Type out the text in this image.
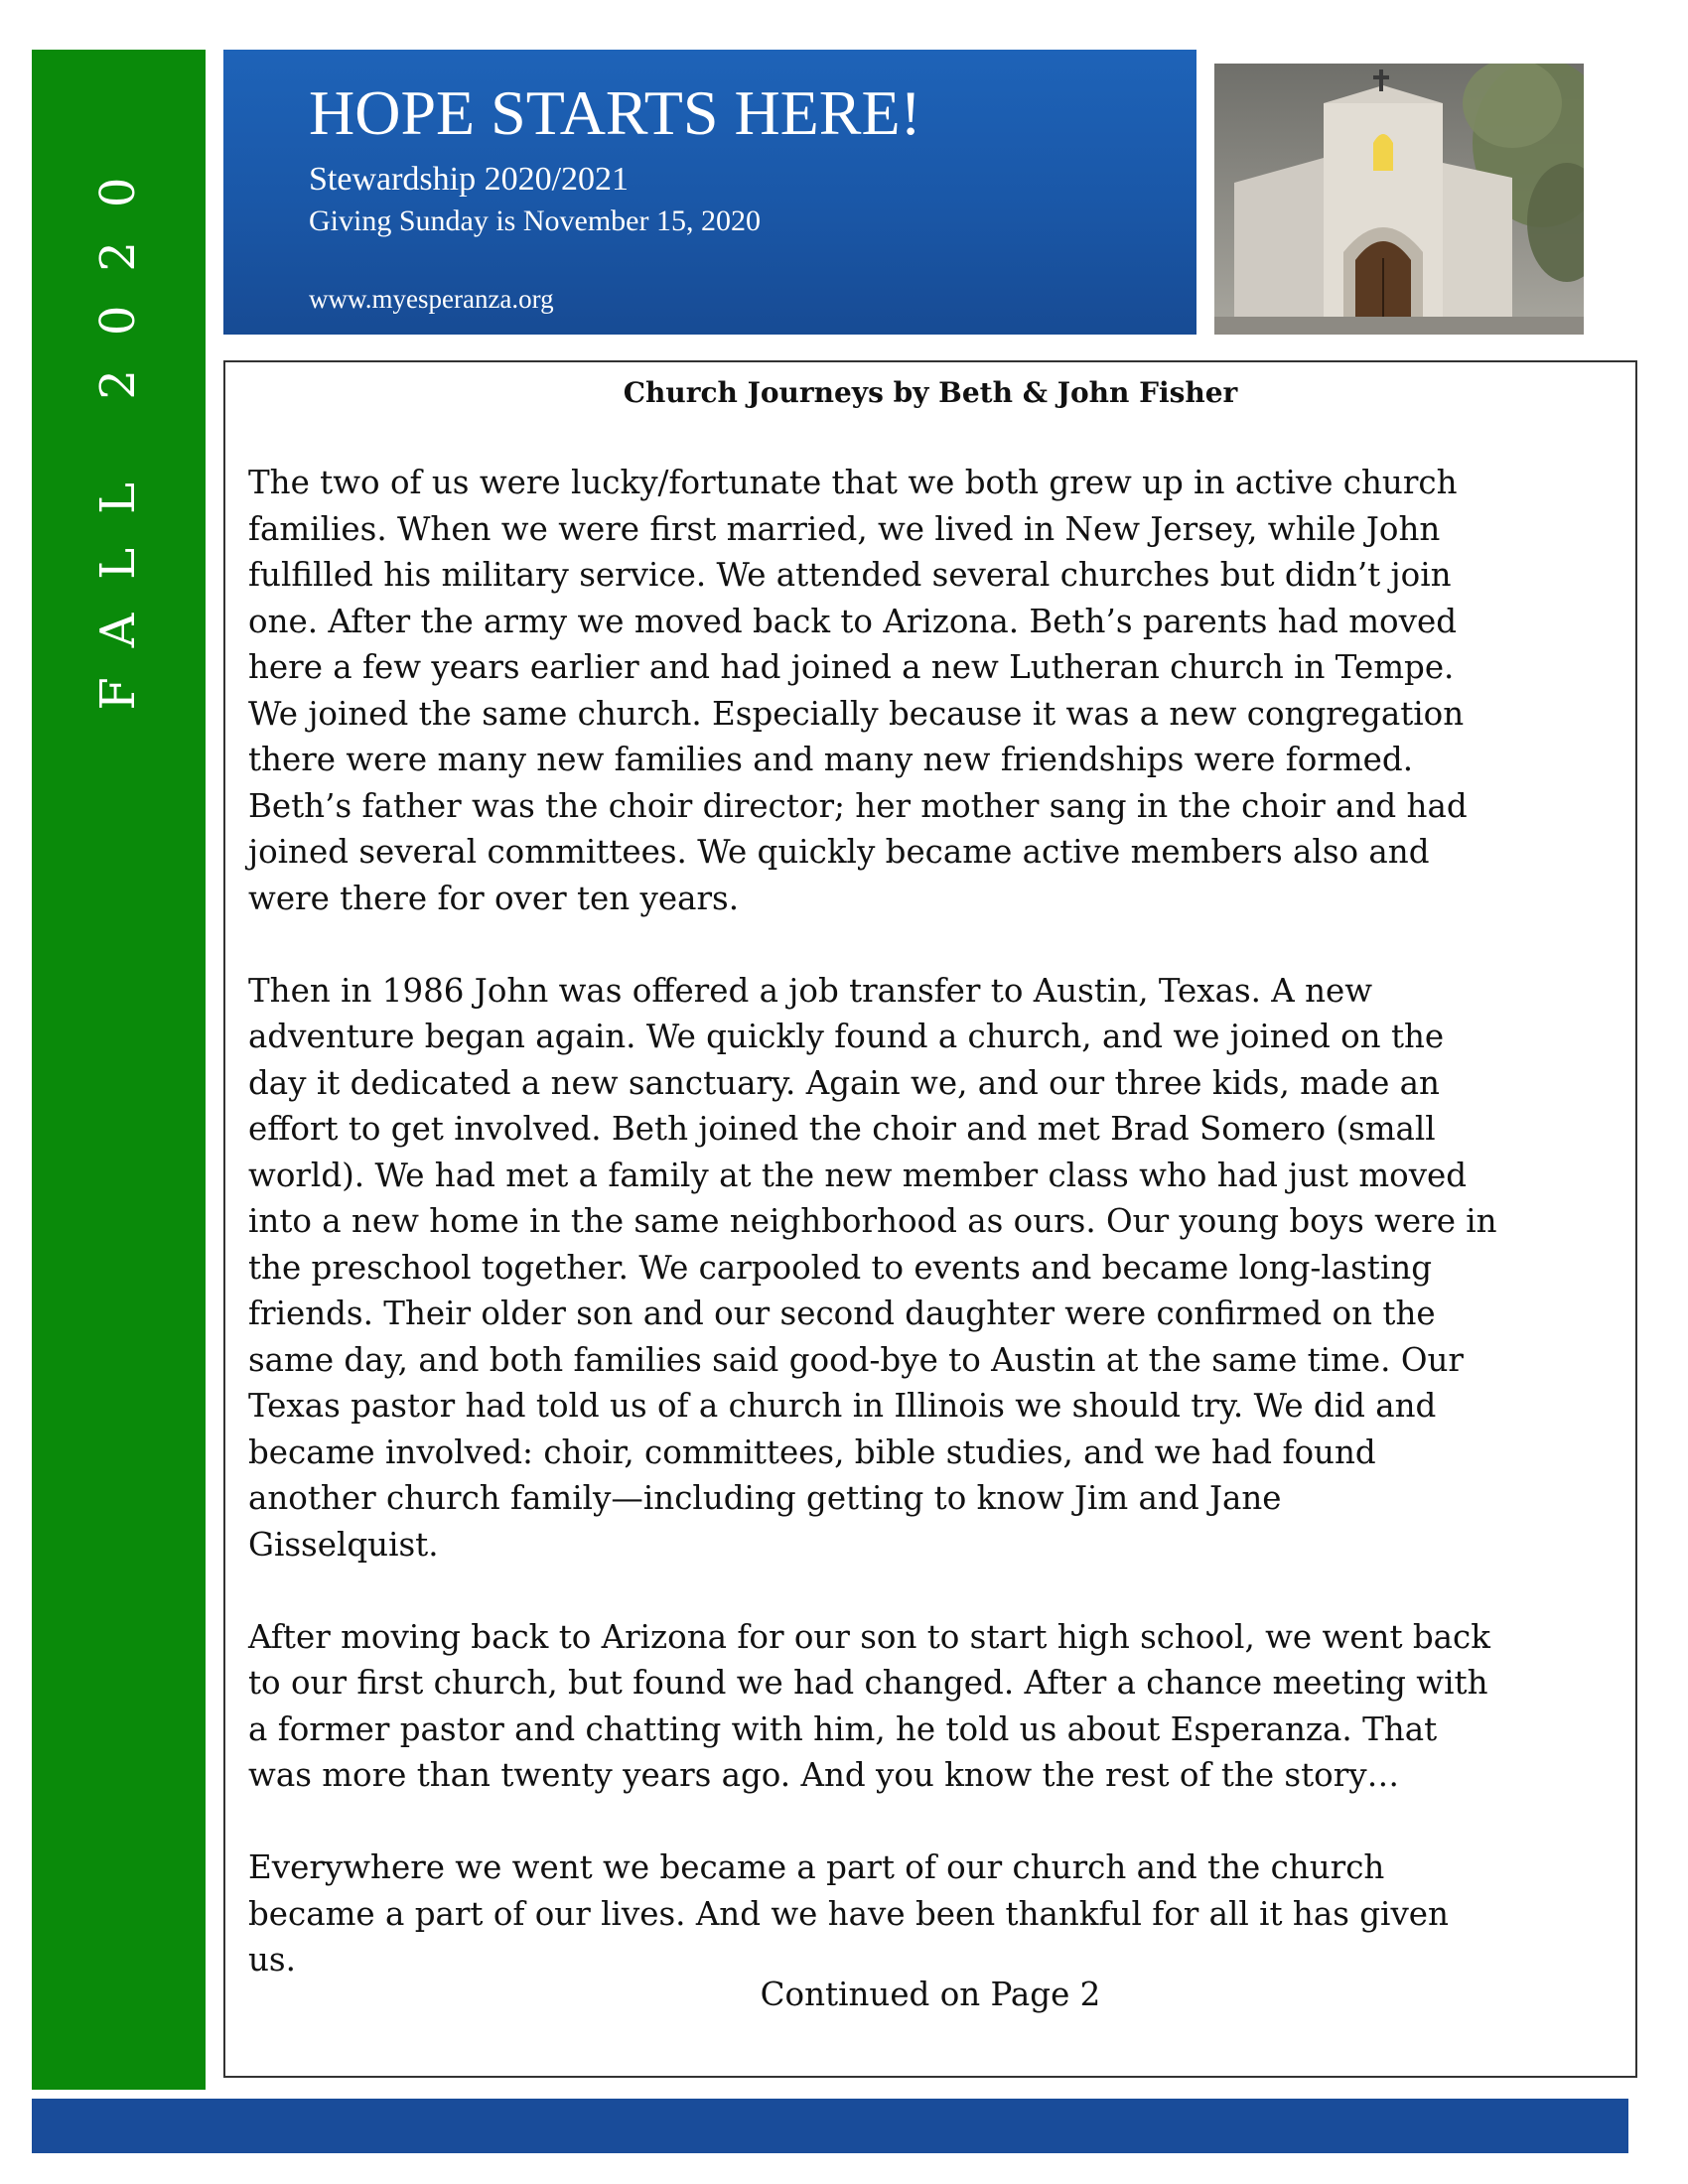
FALL 2020
HOPE STARTS HERE!
Stewardship 2020/2021
Giving Sunday is November 15, 2020
www.myesperanza.org
Church Journeys by Beth & John Fisher

The two of us were lucky/fortunate that we both grew up in active church
families. When we were first married, we lived in New Jersey, while John
fulfilled his military service. We attended several churches but didn’t join
one. After the army we moved back to Arizona. Beth’s parents had moved
here a few years earlier and had joined a new Lutheran church in Tempe.
We joined the same church. Especially because it was a new congregation
there were many new families and many new friendships were formed.
Beth’s father was the choir director; her mother sang in the choir and had
joined several committees. We quickly became active members also and
were there for over ten years.

Then in 1986 John was offered a job transfer to Austin, Texas. A new
adventure began again. We quickly found a church, and we joined on the
day it dedicated a new sanctuary. Again we, and our three kids, made an
effort to get involved. Beth joined the choir and met Brad Somero (small
world). We had met a family at the new member class who had just moved
into a new home in the same neighborhood as ours. Our young boys were in
the preschool together. We carpooled to events and became long-lasting
friends. Their older son and our second daughter were confirmed on the
same day, and both families said good-bye to Austin at the same time. Our
Texas pastor had told us of a church in Illinois we should try. We did and
became involved: choir, committees, bible studies, and we had found
another church family—including getting to know Jim and Jane
Gisselquist.

After moving back to Arizona for our son to start high school, we went back
to our first church, but found we had changed. After a chance meeting with
a former pastor and chatting with him, he told us about Esperanza. That
was more than twenty years ago. And you know the rest of the story…

Everywhere we went we became a part of our church and the church
became a part of our lives. And we have been thankful for all it has given
us.

Continued on Page 2
